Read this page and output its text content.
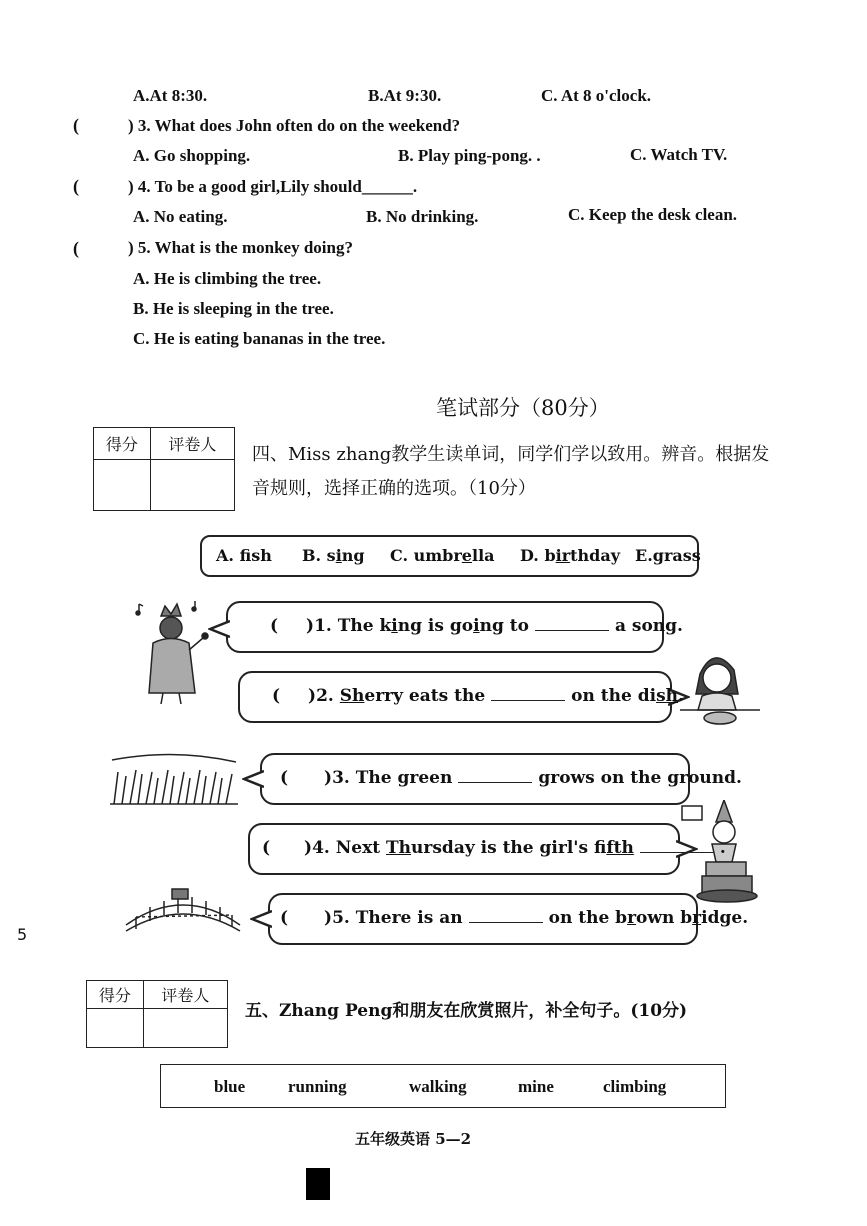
A.At 8:30.	B.At 9:30.	C. At 8 o'clock.
(	) 3. What does John often do on the weekend?
A. Go shopping.	B. Play ping-pong. .	C. Watch TV.
(	) 4. To be a good girl,Lily should______.
A. No eating.	B. No drinking.	C. Keep the desk clean.
(	) 5. What is the monkey doing?
A. He is climbing the tree.
B. He is sleeping in the tree.
C. He is eating bananas in the tree.
笔试部分（80分）
得分	评卷人
	四、Miss zhang教学生读单词，同学们学以致用。辨音。根据发
音规则，选择正确的选项。（10分）
A. fsh B. sing C. umbrella D. birthday E.grass
( )1. The king is going to	a song.
( )2. Sherry eats the	on the dish.
( )3. The green	grows on the ground.
( )4. Next Thursday is the girl's fifth	.
( )5. There is an	on the brown bridge.
5
得分	评卷人

五、Zhang Peng和朋友在欣赏照片，补全句子。(10分)
blue	running	walking	mine	climbing
五年级英语 5—2
